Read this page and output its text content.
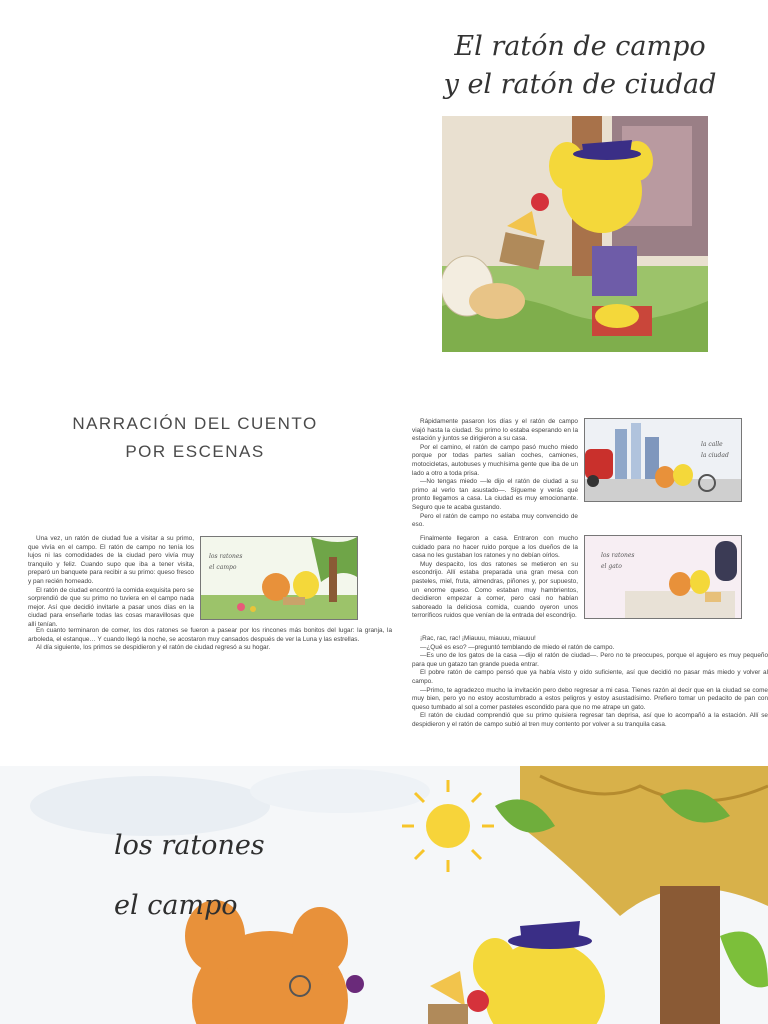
El ratón de campo
y el ratón de ciudad
NARRACIÓN DEL CUENTO
POR ESCENAS

Una vez, un ratón de ciudad fue a visitar a su primo, que vivía en el campo. El ratón de campo no tenía los lujos ni las comodidades de la ciudad pero vivía muy tranquilo y feliz. Cuando supo que iba a tener visita, preparó un banquete para recibir a su primo: queso fresco y pan recién horneado.

El ratón de ciudad encontró la comida exquisita pero se sorprendió de que su primo no tuviera en el campo nada mejor. Así que decidió invitarle a pasar unos días en la ciudad para enseñarle todas las cosas maravillosas que allí tenían.

los ratones
el campo

En cuanto terminaron de comer, los dos ratones se fueron a pasear por los rincones más bonitos del lugar: la granja, la arboleda, el estanque… Y cuando llegó la noche, se acostaron muy cansados después de ver la Luna y las estrellas.

Al día siguiente, los primos se despidieron y el ratón de ciudad regresó a su hogar.

Rápidamente pasaron los días y el ratón de campo viajó hasta la ciudad. Su primo lo estaba esperando en la estación y juntos se dirigieron a su casa.

Por el camino, el ratón de campo pasó mucho miedo porque por todas partes salían coches, camiones, motocicletas, autobuses y muchísima gente que iba de un lado a otro a toda prisa.

—No tengas miedo —le dijo el ratón de ciudad a su primo al verlo tan asustado—. Sígueme y verás qué pronto llegamos a casa. La ciudad es muy emocionante. Seguro que te acaba gustando.

Pero el ratón de campo no estaba muy convencido de eso.

la calle
la ciudad

Finalmente llegaron a casa. Entraron con mucho cuidado para no hacer ruido porque a los dueños de la casa no les gustaban los ratones y no debían oírlos.

Muy despacito, los dos ratones se metieron en su escondrijo. Allí estaba preparada una gran mesa con pasteles, miel, fruta, almendras, piñones y, por supuesto, un enorme queso. Como estaban muy hambrientos, decidieron empezar a comer, pero casi no habían saboreado la deliciosa comida, cuando oyeron unos terroríficos ruidos que venían de la entrada del escondrijo.

los ratones
el gato

¡Rac, rac, rac! ¡Miauuu, miauuu, miauuu!

—¿Qué es eso? —preguntó temblando de miedo el ratón de campo.

—Es uno de los gatos de la casa —dijo el ratón de ciudad—. Pero no te preocupes, porque el agujero es muy pequeño para que un gatazo tan grande pueda entrar.

El pobre ratón de campo pensó que ya había visto y oído suficiente, así que decidió no pasar más miedo y volver al campo.

—Primo, te agradezco mucho la invitación pero debo regresar a mi casa. Tienes razón al decir que en la ciudad se come muy bien, pero yo no estoy acostumbrado a estos peligros y estoy asustadísimo. Prefiero tomar un pedacito de pan con queso tumbado al sol a comer pasteles escondido para que no me atrape un gato.

El ratón de ciudad comprendió que su primo quisiera regresar tan deprisa, así que lo acompañó a la estación. Allí se despidieron y el ratón de campo subió al tren muy contento por volver a su tranquila casa.

los ratones
el campo
